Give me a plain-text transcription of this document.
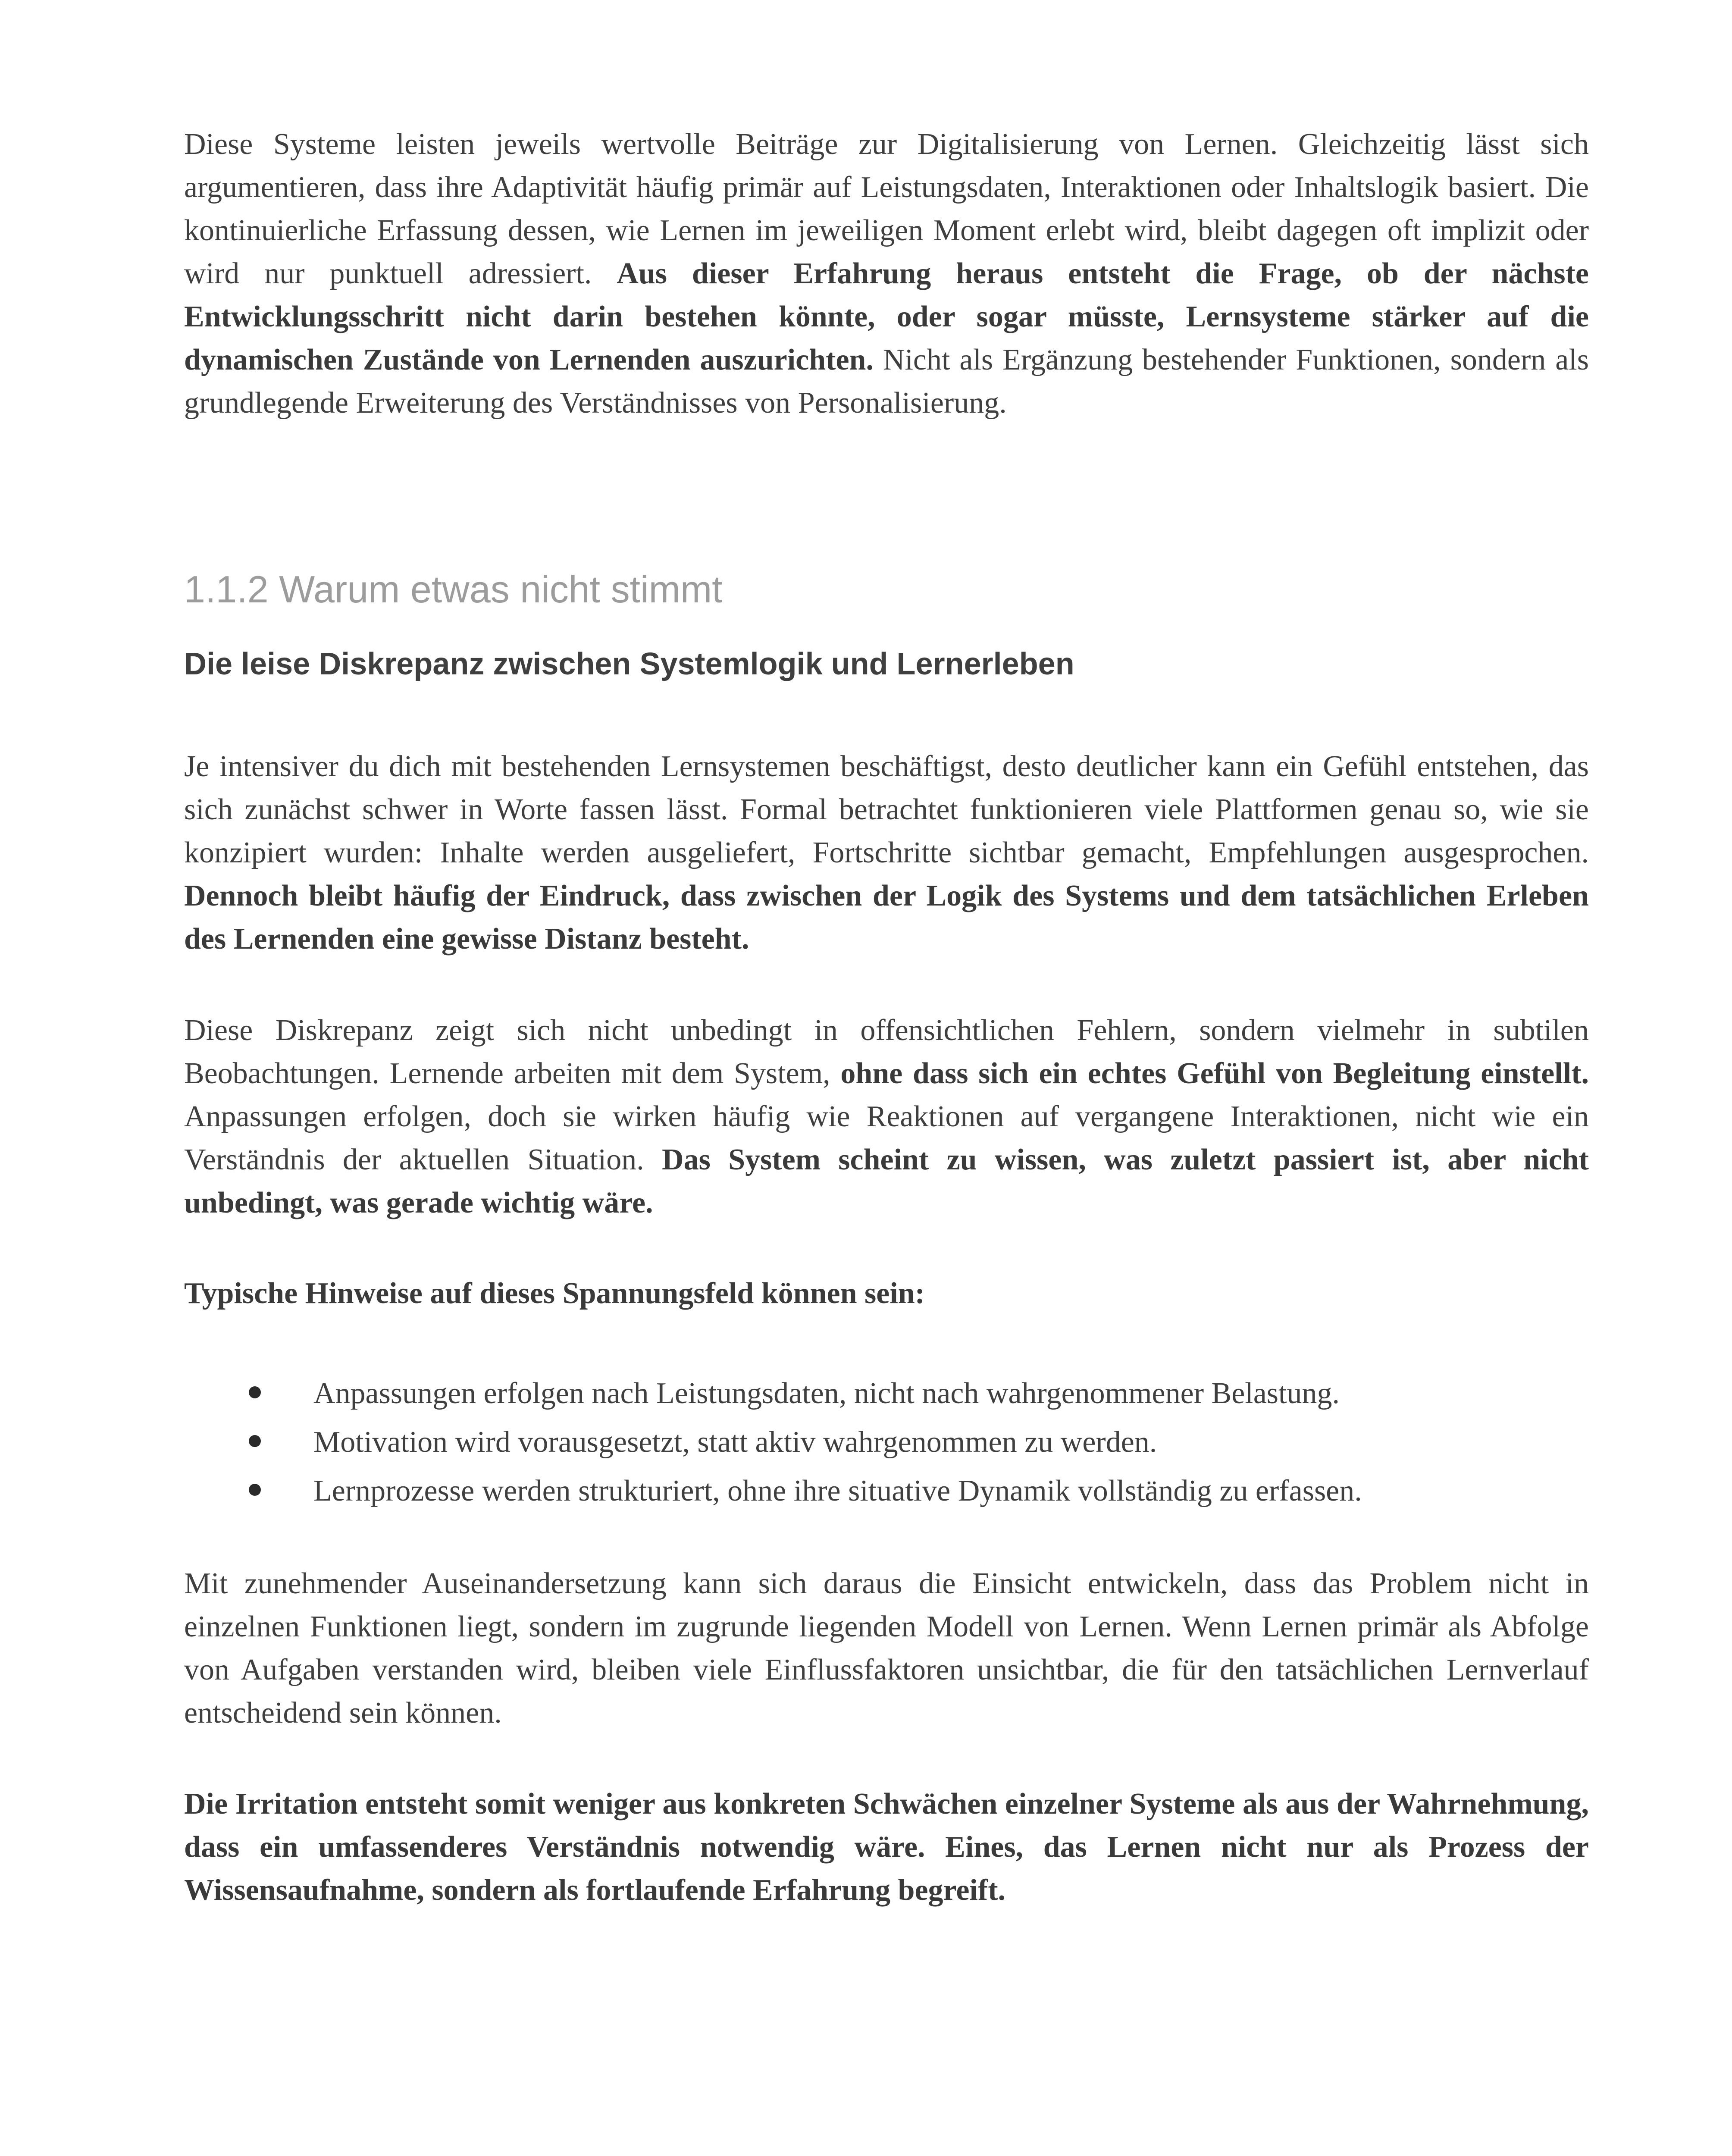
Diese Systeme leisten jeweils wertvolle Beiträge zur Digitalisierung von Lernen. Gleichzeitig lässt sich argumentieren, dass ihre Adaptivität häufig primär auf Leistungsdaten, Interaktionen oder Inhaltslogik basiert. Die kontinuierliche Erfassung dessen, wie Lernen im jeweiligen Moment erlebt wird, bleibt dagegen oft implizit oder wird nur punktuell adressiert. Aus dieser Erfahrung heraus entsteht die Frage, ob der nächste Entwicklungsschritt nicht darin bestehen könnte, oder sogar müsste, Lernsysteme stärker auf die dynamischen Zustände von Lernenden auszurichten. Nicht als Ergänzung bestehender Funktionen, sondern als grundlegende Erweiterung des Verständnisses von Personalisierung.

1.1.2 Warum etwas nicht stimmt
Die leise Diskrepanz zwischen Systemlogik und Lernerleben

Je intensiver du dich mit bestehenden Lernsystemen beschäftigst, desto deutlicher kann ein Gefühl entstehen, das sich zunächst schwer in Worte fassen lässt. Formal betrachtet funktionieren viele Plattformen genau so, wie sie konzipiert wurden: Inhalte werden ausgeliefert, Fortschritte sichtbar gemacht, Empfehlungen ausgesprochen. Dennoch bleibt häufig der Eindruck, dass zwischen der Logik des Systems und dem tatsächlichen Erleben des Lernenden eine gewisse Distanz besteht.

Diese Diskrepanz zeigt sich nicht unbedingt in offensichtlichen Fehlern, sondern vielmehr in subtilen Beobachtungen. Lernende arbeiten mit dem System, ohne dass sich ein echtes Gefühl von Begleitung einstellt. Anpassungen erfolgen, doch sie wirken häufig wie Reaktionen auf vergangene Interaktionen, nicht wie ein Verständnis der aktuellen Situation. Das System scheint zu wissen, was zuletzt passiert ist, aber nicht unbedingt, was gerade wichtig wäre.

Typische Hinweise auf dieses Spannungsfeld können sein:

Anpassungen erfolgen nach Leistungsdaten, nicht nach wahrgenommener Belastung.
Motivation wird vorausgesetzt, statt aktiv wahrgenommen zu werden.
Lernprozesse werden strukturiert, ohne ihre situative Dynamik vollständig zu erfassen.

Mit zunehmender Auseinandersetzung kann sich daraus die Einsicht entwickeln, dass das Problem nicht in einzelnen Funktionen liegt, sondern im zugrunde liegenden Modell von Lernen. Wenn Lernen primär als Abfolge von Aufgaben verstanden wird, bleiben viele Einflussfaktoren unsichtbar, die für den tatsächlichen Lernverlauf entscheidend sein können.

Die Irritation entsteht somit weniger aus konkreten Schwächen einzelner Systeme als aus der Wahrnehmung, dass ein umfassenderes Verständnis notwendig wäre. Eines, das Lernen nicht nur als Prozess der Wissensaufnahme, sondern als fortlaufende Erfahrung begreift.
